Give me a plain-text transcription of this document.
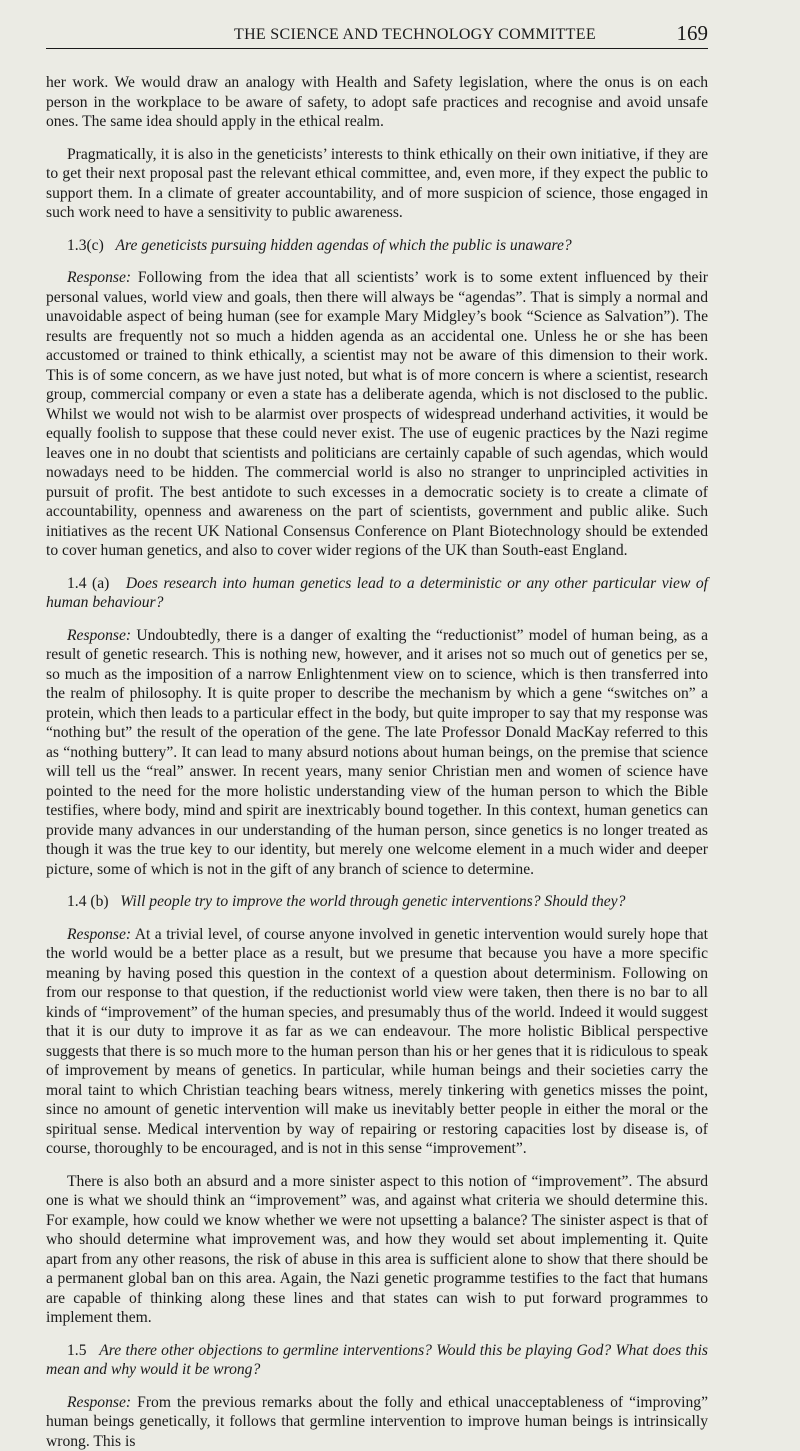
THE SCIENCE AND TECHNOLOGY COMMITTEE	169

her work. We would draw an analogy with Health and Safety legislation, where the onus is on each person in the workplace to be aware of safety, to adopt safe practices and recognise and avoid unsafe ones. The same idea should apply in the ethical realm.

Pragmatically, it is also in the geneticists’ interests to think ethically on their own initiative, if they are to get their next proposal past the relevant ethical committee, and, even more, if they expect the public to support them. In a climate of greater accountability, and of more suspicion of science, those engaged in such work need to have a sensitivity to public awareness.

1.3(c) Are geneticists pursuing hidden agendas of which the public is unaware?

Response: Following from the idea that all scientists’ work is to some extent influenced by their personal values, world view and goals, then there will always be “agendas”. That is simply a normal and unavoidable aspect of being human (see for example Mary Midgley’s book “Science as Salvation”). The results are frequently not so much a hidden agenda as an accidental one. Unless he or she has been accustomed or trained to think ethically, a scientist may not be aware of this dimension to their work. This is of some concern, as we have just noted, but what is of more concern is where a scientist, research group, commercial company or even a state has a deliberate agenda, which is not disclosed to the public. Whilst we would not wish to be alarmist over prospects of widespread underhand activities, it would be equally foolish to suppose that these could never exist. The use of eugenic practices by the Nazi regime leaves one in no doubt that scientists and politicians are certainly capable of such agendas, which would nowadays need to be hidden. The commercial world is also no stranger to unprincipled activities in pursuit of profit. The best antidote to such excesses in a democratic society is to create a climate of accountability, openness and awareness on the part of scientists, government and public alike. Such initiatives as the recent UK National Consensus Conference on Plant Biotechnology should be extended to cover human genetics, and also to cover wider regions of the UK than South-east England.

1.4 (a) Does research into human genetics lead to a deterministic or any other particular view of human behaviour?

Response: Undoubtedly, there is a danger of exalting the “reductionist” model of human being, as a result of genetic research. This is nothing new, however, and it arises not so much out of genetics per se, so much as the imposition of a narrow Enlightenment view on to science, which is then transferred into the realm of philosophy. It is quite proper to describe the mechanism by which a gene “switches on” a protein, which then leads to a particular effect in the body, but quite improper to say that my response was “nothing but” the result of the operation of the gene. The late Professor Donald MacKay referred to this as “nothing buttery”. It can lead to many absurd notions about human beings, on the premise that science will tell us the “real” answer. In recent years, many senior Christian men and women of science have pointed to the need for the more holistic understanding view of the human person to which the Bible testifies, where body, mind and spirit are inextricably bound together. In this context, human genetics can provide many advances in our understanding of the human person, since genetics is no longer treated as though it was the true key to our identity, but merely one welcome element in a much wider and deeper picture, some of which is not in the gift of any branch of science to determine.

1.4 (b) Will people try to improve the world through genetic interventions? Should they?

Response: At a trivial level, of course anyone involved in genetic intervention would surely hope that the world would be a better place as a result, but we presume that because you have a more specific meaning by having posed this question in the context of a question about determinism. Following on from our response to that question, if the reductionist world view were taken, then there is no bar to all kinds of “improvement” of the human species, and presumably thus of the world. Indeed it would suggest that it is our duty to improve it as far as we can endeavour. The more holistic Biblical perspective suggests that there is so much more to the human person than his or her genes that it is ridiculous to speak of improvement by means of genetics. In particular, while human beings and their societies carry the moral taint to which Christian teaching bears witness, merely tinkering with genetics misses the point, since no amount of genetic intervention will make us inevitably better people in either the moral or the spiritual sense. Medical intervention by way of repairing or restoring capacities lost by disease is, of course, thoroughly to be encouraged, and is not in this sense “improvement”.

There is also both an absurd and a more sinister aspect to this notion of “improvement”. The absurd one is what we should think an “improvement” was, and against what criteria we should determine this. For example, how could we know whether we were not upsetting a balance? The sinister aspect is that of who should determine what improvement was, and how they would set about implementing it. Quite apart from any other reasons, the risk of abuse in this area is sufficient alone to show that there should be a permanent global ban on this area. Again, the Nazi genetic programme testifies to the fact that humans are capable of thinking along these lines and that states can wish to put forward programmes to implement them.

1.5 Are there other objections to germline interventions? Would this be playing God? What does this mean and why would it be wrong?

Response: From the previous remarks about the folly and ethical unacceptableness of “improving” human beings genetically, it follows that germline intervention to improve human beings is intrinsically wrong. This is
